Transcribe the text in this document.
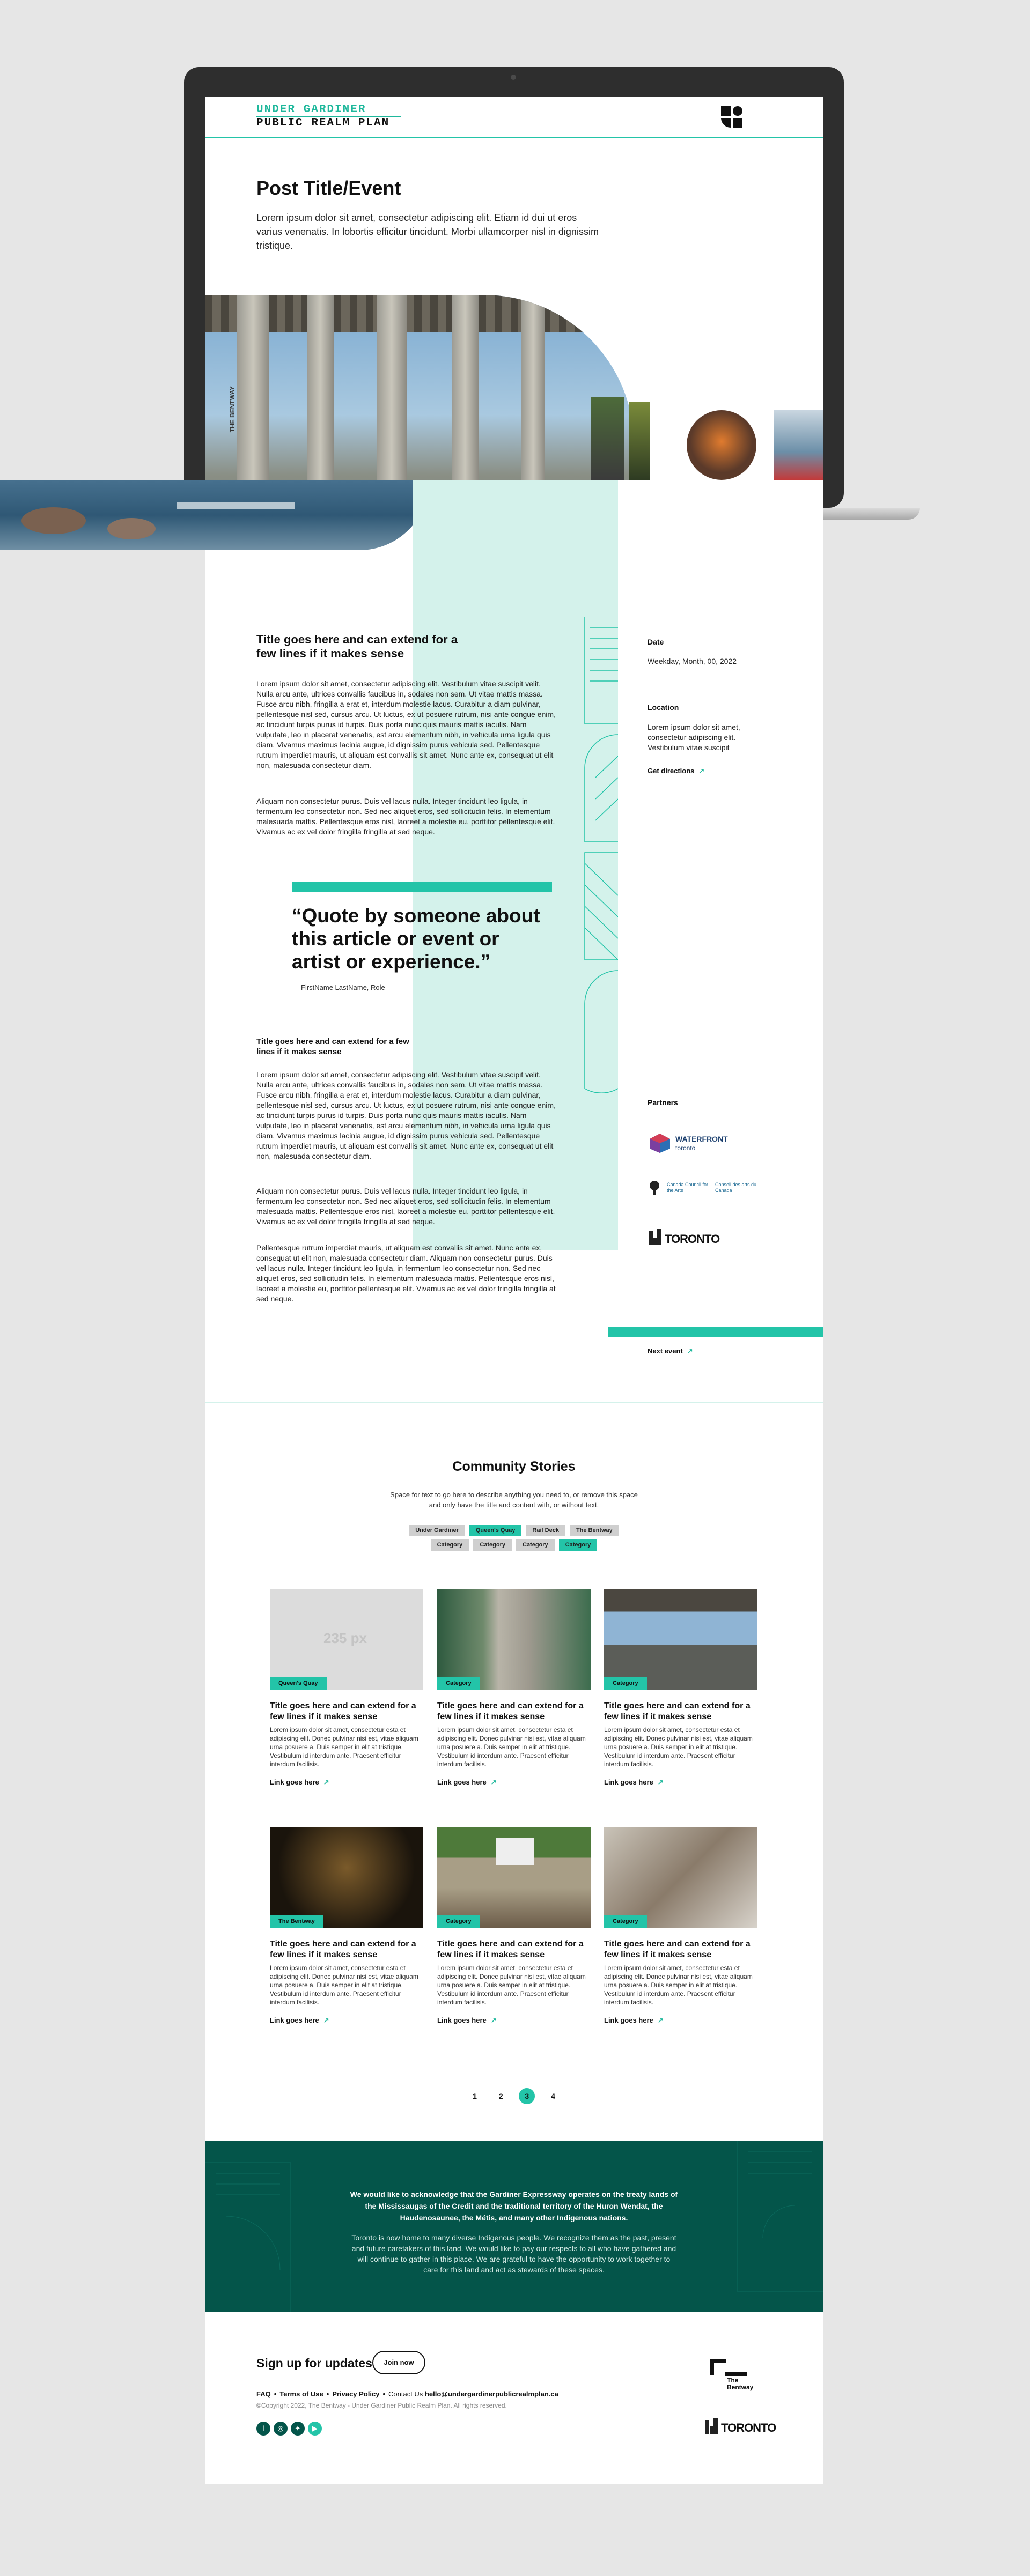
Date
Weekday, Month, 00, 2022
Location
Lorem ipsum dolor sit amet, consectetur adipiscing elit. Vestibulum vitae suscipit
Get directions ↗
Partners
WATERFRONT
toronto
Canada Council for the Arts
Conseil des arts du Canada
TORONTO
Next event ↗
Title goes here and can extend for a few lines if it makes sense

Lorem ipsum dolor sit amet, consectetur adipiscing elit. Vestibulum vitae suscipit velit. Nulla arcu ante, ultrices convallis faucibus in, sodales non sem. Ut vitae mattis massa. Fusce arcu nibh, fringilla a erat et, interdum molestie lacus. Curabitur a diam pulvinar, pellentesque nisl sed, cursus arcu. Ut luctus, ex ut posuere rutrum, nisi ante congue enim, ac tincidunt turpis purus id turpis. Duis porta nunc quis mauris mattis iaculis. Nam vulputate, leo in placerat venenatis, est arcu elementum nibh, in vehicula urna ligula quis diam. Vivamus maximus lacinia augue, id dignissim purus vehicula sed. Pellentesque rutrum imperdiet mauris, ut aliquam est convallis sit amet. Nunc ante ex, consequat ut elit non, malesuada consectetur diam.

Aliquam non consectetur purus. Duis vel lacus nulla. Integer tincidunt leo ligula, in fermentum leo consectetur non. Sed nec aliquet eros, sed sollicitudin felis. In elementum malesuada mattis. Pellentesque eros nisl, laoreet a molestie eu, porttitor pellentesque elit. Vivamus ac ex vel dolor fringilla fringilla at sed neque.

“Quote by someone about this article or event or artist or experience.”
—FirstName LastName, Role
Title goes here and can extend for a few lines if it makes sense

Lorem ipsum dolor sit amet, consectetur adipiscing elit. Vestibulum vitae suscipit velit. Nulla arcu ante, ultrices convallis faucibus in, sodales non sem. Ut vitae mattis massa. Fusce arcu nibh, fringilla a erat et, interdum molestie lacus. Curabitur a diam pulvinar, pellentesque nisl sed, cursus arcu. Ut luctus, ex ut posuere rutrum, nisi ante congue enim, ac tincidunt turpis purus id turpis. Duis porta nunc quis mauris mattis iaculis. Nam vulputate, leo in placerat venenatis, est arcu elementum nibh, in vehicula urna ligula quis diam. Vivamus maximus lacinia augue, id dignissim purus vehicula sed. Pellentesque rutrum imperdiet mauris, ut aliquam est convallis sit amet. Nunc ante ex, consequat ut elit non, malesuada consectetur diam.

Aliquam non consectetur purus. Duis vel lacus nulla. Integer tincidunt leo ligula, in fermentum leo consectetur non. Sed nec aliquet eros, sed sollicitudin felis. In elementum malesuada mattis. Pellentesque eros nisl, laoreet a molestie eu, porttitor pellentesque elit. Vivamus ac ex vel dolor fringilla fringilla at sed neque.

Pellentesque rutrum imperdiet mauris, ut aliquam est convallis sit amet. Nunc ante ex, consequat ut elit non, malesuada consectetur diam. Aliquam non consectetur purus. Duis vel lacus nulla. Integer tincidunt leo ligula, in fermentum leo consectetur non. Sed nec aliquet eros, sed sollicitudin felis. In elementum malesuada mattis. Pellentesque eros nisl, laoreet a molestie eu, porttitor pellentesque elit. Vivamus ac ex vel dolor fringilla fringilla at sed neque.

Community Stories

Space for text to go here to describe anything you need to, or remove this space and only have the title and content with, or without text.

Under Gardiner	Queen's Quay	Rail Deck	The Bentway
Category	Category	Category	Category
235 px
Queen's Quay
Title goes here and can extend for a few lines if it makes sense
Lorem ipsum dolor sit amet, consectetur esta et adipiscing elit. Donec pulvinar nisi est, vitae aliquam urna posuere a. Duis semper in elit at tristique. Vestibulum id interdum ante. Praesent efficitur interdum facilisis.
Link goes here ↗
Category
Title goes here and can extend for a few lines if it makes sense
Lorem ipsum dolor sit amet, consectetur esta et adipiscing elit. Donec pulvinar nisi est, vitae aliquam urna posuere a. Duis semper in elit at tristique. Vestibulum id interdum ante. Praesent efficitur interdum facilisis.
Link goes here ↗
Category
Title goes here and can extend for a few lines if it makes sense
Lorem ipsum dolor sit amet, consectetur esta et adipiscing elit. Donec pulvinar nisi est, vitae aliquam urna posuere a. Duis semper in elit at tristique. Vestibulum id interdum ante. Praesent efficitur interdum facilisis.
Link goes here ↗
The Bentway
Title goes here and can extend for a few lines if it makes sense
Lorem ipsum dolor sit amet, consectetur esta et adipiscing elit. Donec pulvinar nisi est, vitae aliquam urna posuere a. Duis semper in elit at tristique. Vestibulum id interdum ante. Praesent efficitur interdum facilisis.
Link goes here ↗
Category
Title goes here and can extend for a few lines if it makes sense
Lorem ipsum dolor sit amet, consectetur esta et adipiscing elit. Donec pulvinar nisi est, vitae aliquam urna posuere a. Duis semper in elit at tristique. Vestibulum id interdum ante. Praesent efficitur interdum facilisis.
Link goes here ↗
Category
Title goes here and can extend for a few lines if it makes sense
Lorem ipsum dolor sit amet, consectetur esta et adipiscing elit. Donec pulvinar nisi est, vitae aliquam urna posuere a. Duis semper in elit at tristique. Vestibulum id interdum ante. Praesent efficitur interdum facilisis.
Link goes here ↗
1	2	3	4

We would like to acknowledge that the Gardiner Expressway operates on the treaty lands of the Mississaugas of the Credit and the traditional territory of the Huron Wendat, the Haudenosaunee, the Métis, and many other Indigenous nations.

Toronto is now home to many diverse Indigenous people. We recognize them as the past, present and future caretakers of this land. We would like to pay our respects to all who have gathered and will continue to gather in this place. We are grateful to have the opportunity to work together to care for this land and act as stewards of these spaces.

Sign up for updates	Join now
FAQ • Terms of Use • Privacy Policy • Contact Us hello@undergardinerpublicrealmplan.ca
©Copyright 2022, The Bentway - Under Gardiner Public Realm Plan. All rights reserved.
f	◎	✦	▶
The
Bentway
TORONTO
UNDER GARDINER
PUBLIC REALM PLAN
Post Title/Event

Lorem ipsum dolor sit amet, consectetur adipiscing elit. Etiam id dui ut eros varius venenatis. In lobortis efficitur tincidunt. Morbi ullamcorper nisl in dignissim tristique.

THE BENTWAY
